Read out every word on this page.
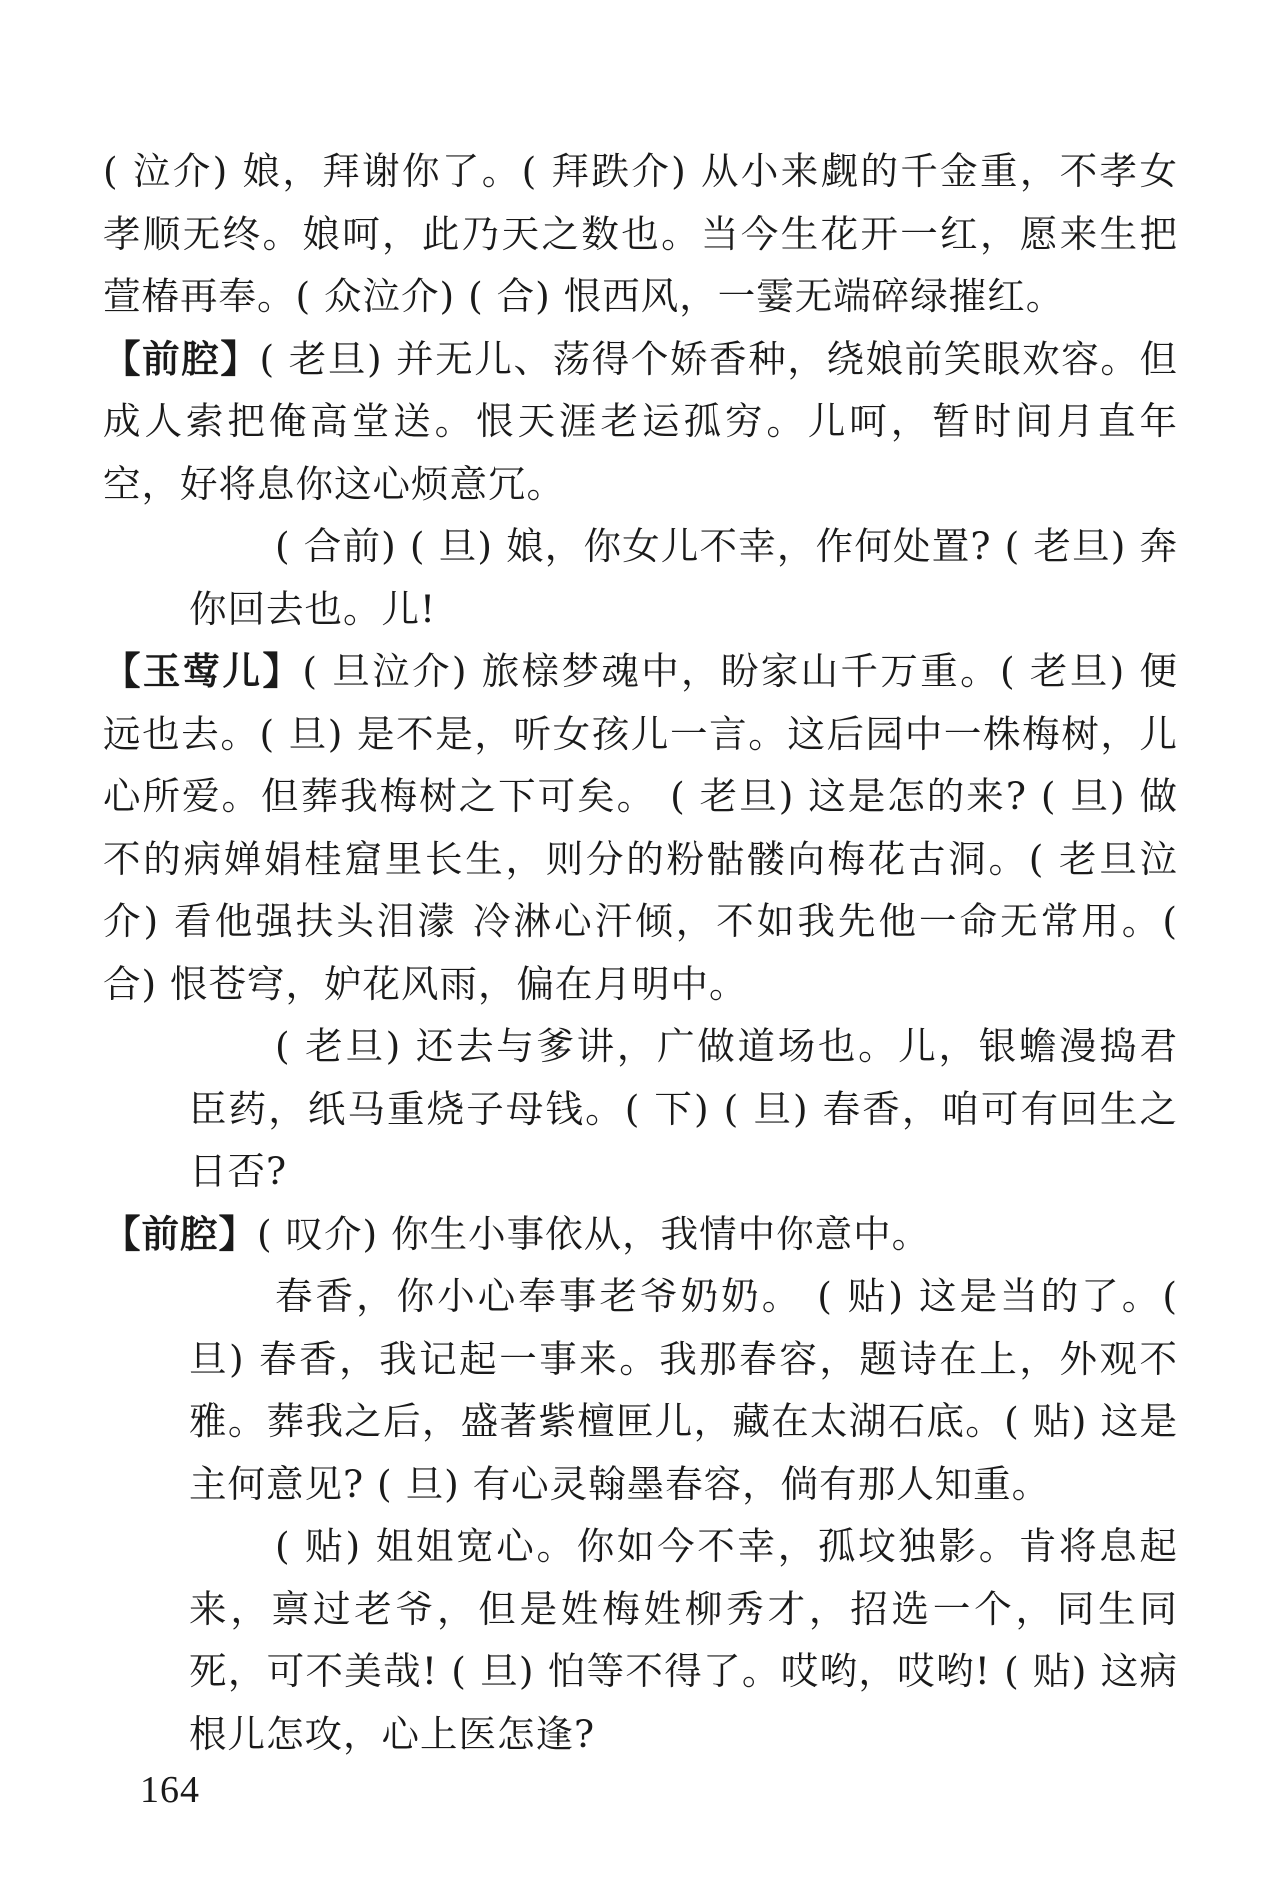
( 泣介) 娘，拜谢你了。( 拜跌介) 从小来觑的千金重，不孝女孝顺无终。娘呵，此乃天之数也。当今生花开一红，愿来生把萱椿再奉。( 众泣介) ( 合) 恨西风，一霎无端碎绿摧红。

【前腔】( 老旦) 并无儿、荡得个娇香种，绕娘前笑眼欢容。但成人索把俺高堂送。恨天涯老运孤穷。儿呵，暂时间月直年空，好将息你这心烦意冗。

( 合前) ( 旦) 娘，你女儿不幸，作何处置? ( 老旦) 奔你回去也。儿!

【玉莺儿】( 旦泣介) 旅榇梦魂中，盼家山千万重。( 老旦) 便远也去。( 旦) 是不是，听女孩儿一言。这后园中一株梅树，儿心所爱。但葬我梅树之下可矣。 ( 老旦) 这是怎的来? ( 旦) 做不的病婵娟桂窟里长生，则分的粉骷髅向梅花古洞。( 老旦泣介) 看他强扶头泪濛 冷淋心汗倾，不如我先他一命无常用。( 合) 恨苍穹，妒花风雨，偏在月明中。

( 老旦) 还去与爹讲，广做道场也。儿，银蟾漫捣君臣药，纸马重烧子母钱。( 下) ( 旦) 春香，咱可有回生之日否?

【前腔】( 叹介) 你生小事依从，我情中你意中。

春香，你小心奉事老爷奶奶。 ( 贴) 这是当的了。( 旦) 春香，我记起一事来。我那春容，题诗在上，外观不雅。葬我之后，盛著紫檀匣儿，藏在太湖石底。( 贴) 这是主何意见? ( 旦) 有心灵翰墨春容，倘有那人知重。

( 贴) 姐姐宽心。你如今不幸，孤坟独影。肯将息起来，禀过老爷，但是姓梅姓柳秀才，招选一个，同生同死，可不美哉! ( 旦) 怕等不得了。哎哟，哎哟! ( 贴) 这病根儿怎攻，心上医怎逢?

164
